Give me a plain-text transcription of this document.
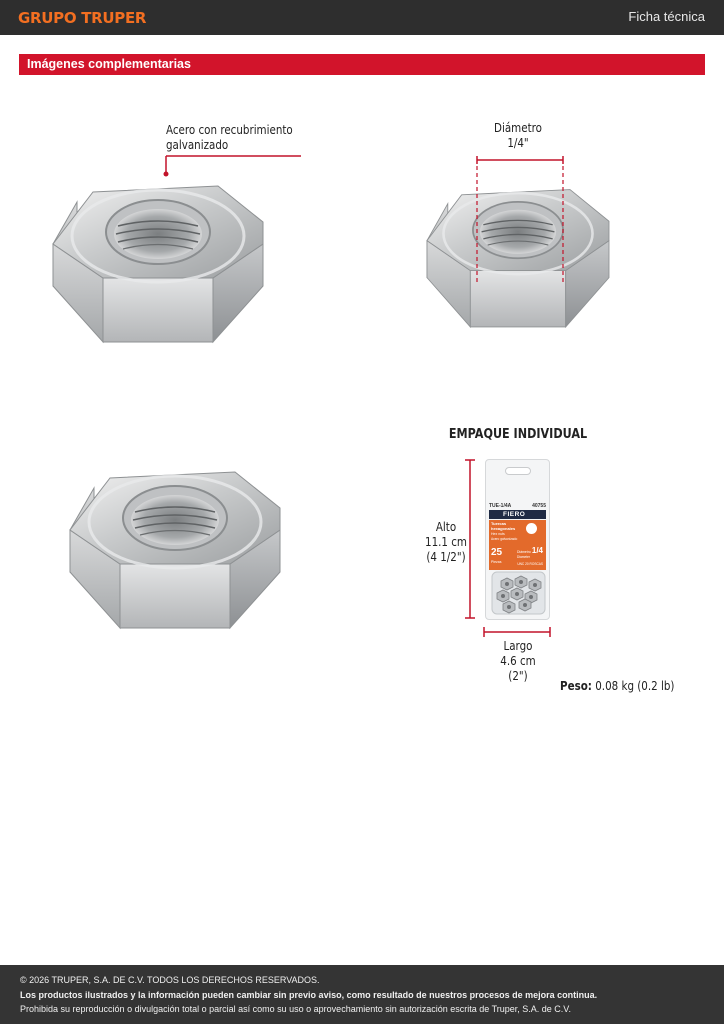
GRUPO TRUPER	Ficha técnica
Imágenes complementarias
Acero con recubrimiento
galvanizado
Diámetro
1/4"
EMPAQUE INDIVIDUAL
Alto
11.1 cm
(4 1/2")
Largo
4.6 cm
(2")
Peso: 0.08 kg (0.2 lb)
TUE-1/4A	40755
FIERO
Tuercas hexagonales
Hex nuts
Acero galvanizado
25
Piezas
Diámetro
Diameter
1/4
UNC 20 ROSCAS
© 2026 TRUPER, S.A. DE C.V. TODOS LOS DERECHOS RESERVADOS.
Los productos ilustrados y la información pueden cambiar sin previo aviso, como resultado de nuestros procesos de mejora continua.
Prohibida su reproducción o divulgación total o parcial así como su uso o aprovechamiento sin autorización escrita de Truper, S.A. de C.V.
